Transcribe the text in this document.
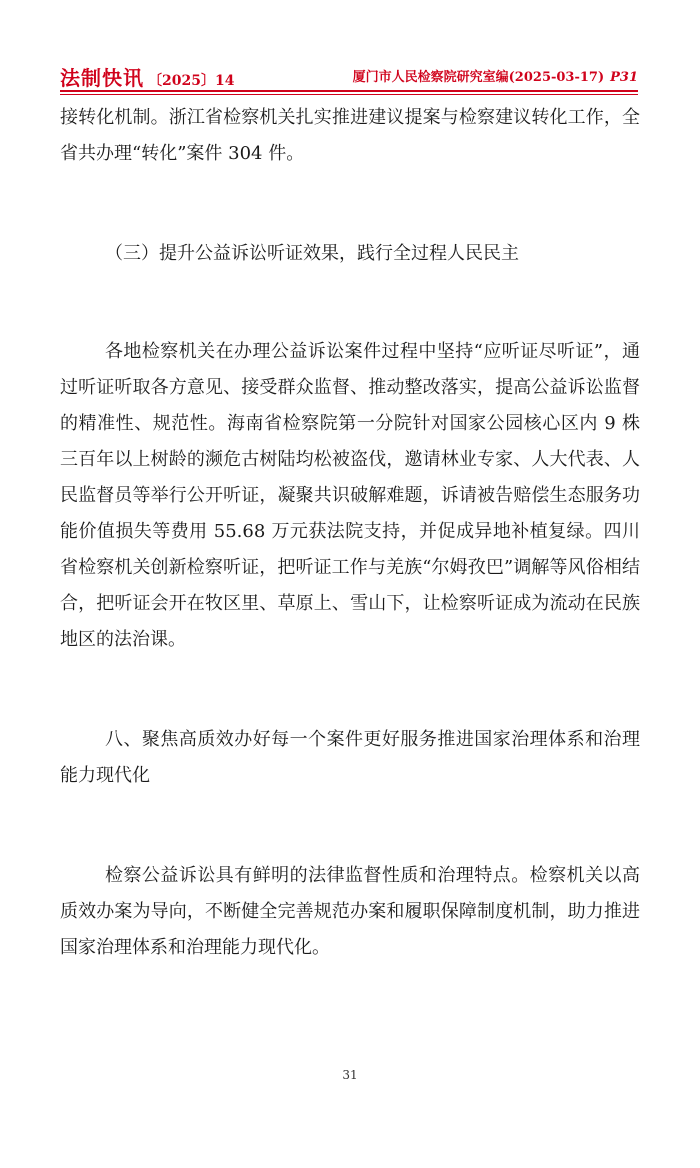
法制快讯 〔2025〕14	厦门市人民检察院研究室编(2025-03-17) P31

接转化机制。浙江省检察机关扎实推进建议提案与检察建议转化工作，全省共办理“转化”案件 304 件。

（三）提升公益诉讼听证效果，践行全过程人民民主

各地检察机关在办理公益诉讼案件过程中坚持“应听证尽听证”，通过听证听取各方意见、接受群众监督、推动整改落实，提高公益诉讼监督的精准性、规范性。海南省检察院第一分院针对国家公园核心区内 9 株三百年以上树龄的濒危古树陆均松被盗伐，邀请林业专家、人大代表、人民监督员等举行公开听证，凝聚共识破解难题，诉请被告赔偿生态服务功能价值损失等费用 55.68 万元获法院支持，并促成异地补植复绿。四川省检察机关创新检察听证，把听证工作与羌族“尔姆孜巴”调解等风俗相结合，把听证会开在牧区里、草原上、雪山下，让检察听证成为流动在民族地区的法治课。

八、聚焦高质效办好每一个案件更好服务推进国家治理体系和治理能力现代化

检察公益诉讼具有鲜明的法律监督性质和治理特点。检察机关以高质效办案为导向，不断健全完善规范办案和履职保障制度机制，助力推进国家治理体系和治理能力现代化。

31
